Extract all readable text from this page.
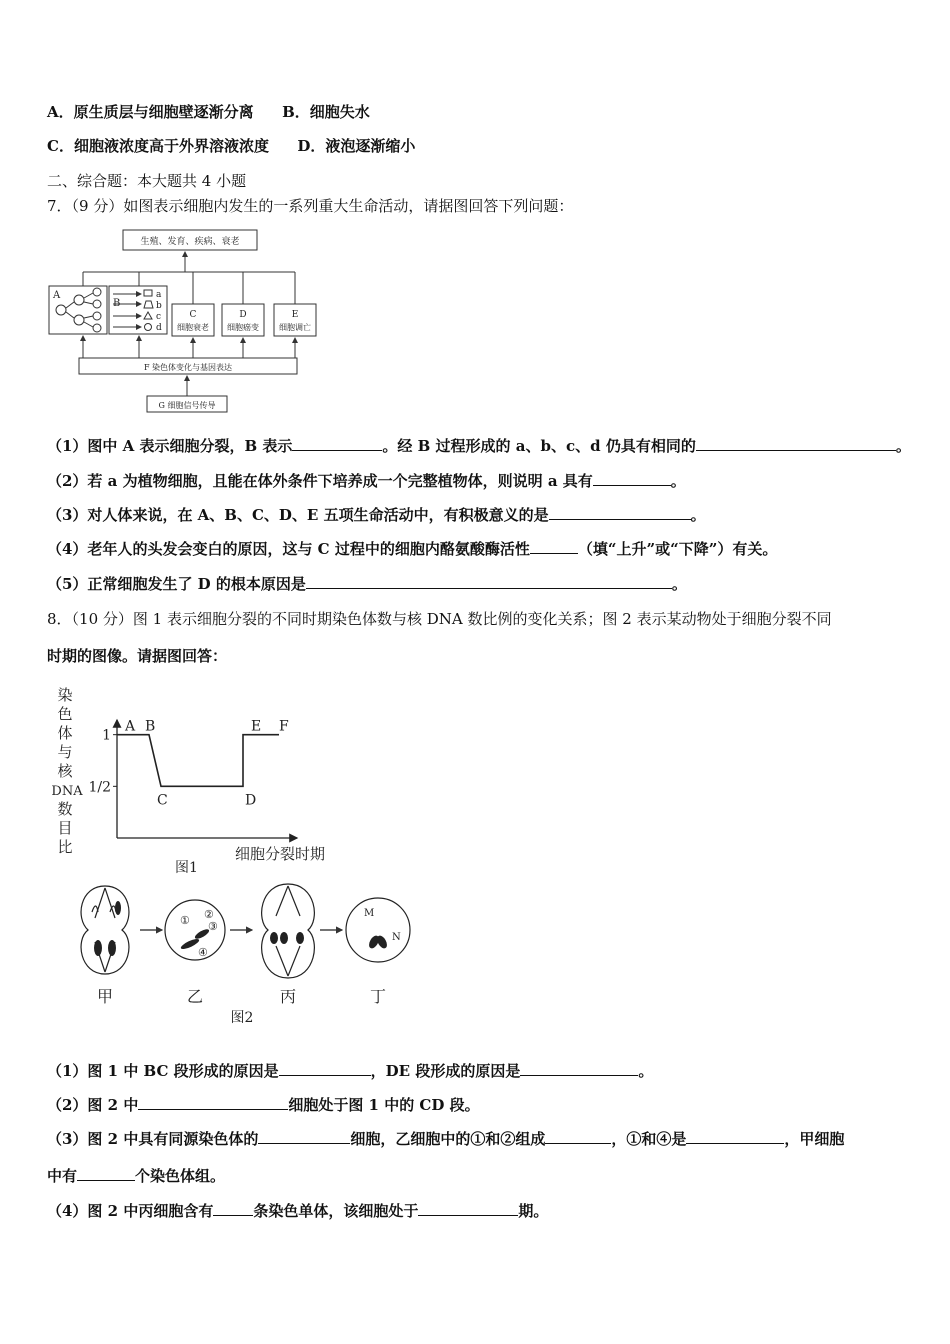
A．原生质层与细胞壁逐渐分离 B．细胞失水
C．细胞液浓度高于外界溶液浓度 D．液泡逐渐缩小
二、综合题：本大题共 4 小题
7．（9 分）如图表示细胞内发生的一系列重大生命活动，请据图回答下列问题：
生殖、发育、疾病、衰老
A
B
a
b
c
d
C
细胞衰老
D
细胞癌变
E
细胞调亡
F 染色体变化与基因表达
G 细胞信号传导
（1）图中 A 表示细胞分裂，B 表示	。经 B 过程形成的 a、b、c、d 仍具有相同的	。
（2）若 a 为植物细胞，且能在体外条件下培养成一个完整植物体，则说明 a 具有	。
（3）对人体来说，在 A、B、C、D、E 五项生命活动中，有积极意义的是	。
（4）老年人的头发会变白的原因，这与 C 过程中的细胞内酪氨酸酶活性	（填“上升”或“下降”）有关。
（5）正常细胞发生了 D 的根本原因是	。
8．（10 分）图 1 表示细胞分裂的不同时期染色体数与核 DNA 数比例的变化关系；图 2 表示某动物处于细胞分裂不同
时期的图像。请据图回答：
染
色
体
与
核
DNA
数
目
比
1
1/2
A B
C	D
E F
细胞分裂时期
图1
① ②
③
④
M
N
甲	乙	丙	丁
图2
（1）图 1 中 BC 段形成的原因是	，DE 段形成的原因是	。
（2）图 2 中	细胞处于图 1 中的 CD 段。
（3）图 2 中具有同源染色体的	细胞，乙细胞中的①和②组成	，①和④是	，甲细胞
中有	个染色体组。
（4）图 2 中丙细胞含有	条染色单体，该细胞处于	期。
